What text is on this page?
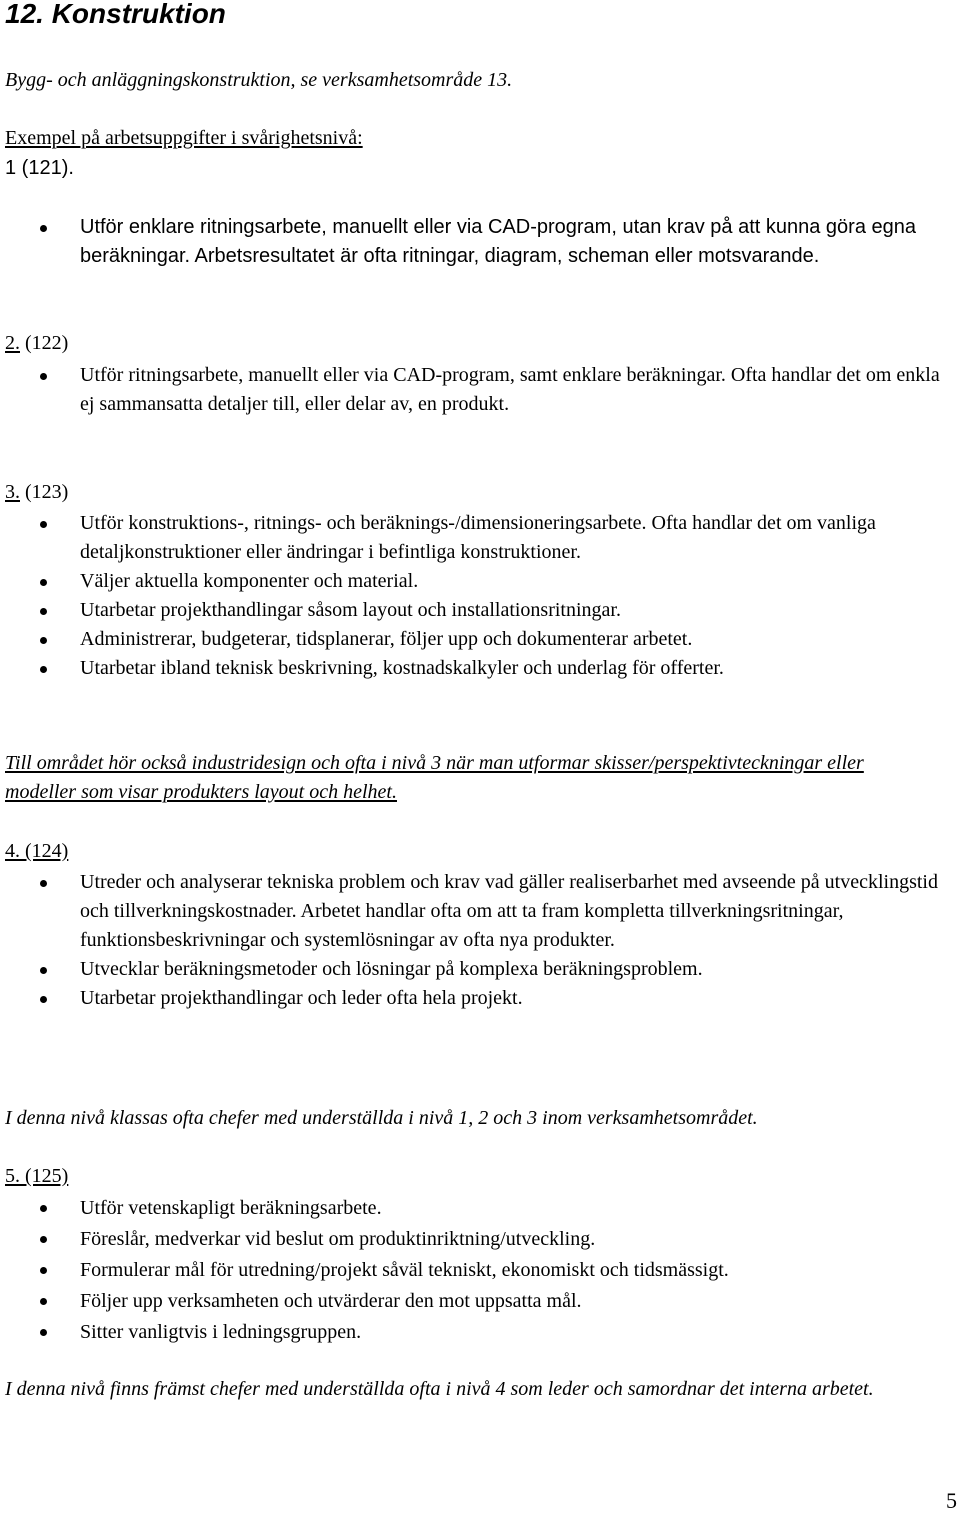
12. Konstruktion

Bygg- och anläggningskonstruktion, se verksamhetsområde 13.

Exempel på arbetsuppgifter i svårighetsnivå:

1 (121).

Utför enklare ritningsarbete, manuellt eller via CAD-program, utan krav på att kunna göra egna beräkningar. Arbetsresultatet är ofta ritningar, diagram, scheman eller motsvarande.

2. (122)

Utför ritningsarbete, manuellt eller via CAD-program, samt enklare beräkningar. Ofta handlar det om enkla ej sammansatta detaljer till, eller delar av, en produkt.

3. (123)

Utför konstruktions-, ritnings- och beräknings-/dimensioneringsarbete. Ofta handlar det om vanliga detaljkonstruktioner eller ändringar i befintliga konstruktioner.
Väljer aktuella komponenter och material.
Utarbetar projekthandlingar såsom layout och installationsritningar.
Administrerar, budgeterar, tidsplanerar, följer upp och dokumenterar arbetet.
Utarbetar ibland teknisk beskrivning, kostnadskalkyler och underlag för offerter.

Till området hör också industridesign och ofta i nivå 3 när man utformar skisser/perspektivteckningar eller modeller som visar produkters layout och helhet.

4. (124)

Utreder och analyserar tekniska problem och krav vad gäller realiserbarhet med avseende på utvecklingstid och tillverkningskostnader. Arbetet handlar ofta om att ta fram kompletta tillverkningsritningar, funktionsbeskrivningar och systemlösningar av ofta nya produkter.
Utvecklar beräkningsmetoder och lösningar på komplexa beräkningsproblem.
Utarbetar projekthandlingar och leder ofta hela projekt.

I denna nivå klassas ofta chefer med underställda i nivå 1, 2 och 3 inom verksamhetsområdet.

5. (125)

Utför vetenskapligt beräkningsarbete.
Föreslår, medverkar vid beslut om produktinriktning/utveckling.
Formulerar mål för utredning/projekt såväl tekniskt, ekonomiskt och tidsmässigt.
Följer upp verksamheten och utvärderar den mot uppsatta mål.
Sitter vanligtvis i ledningsgruppen.

I denna nivå finns främst chefer med underställda ofta i nivå 4 som leder och samordnar det interna arbetet.

5
